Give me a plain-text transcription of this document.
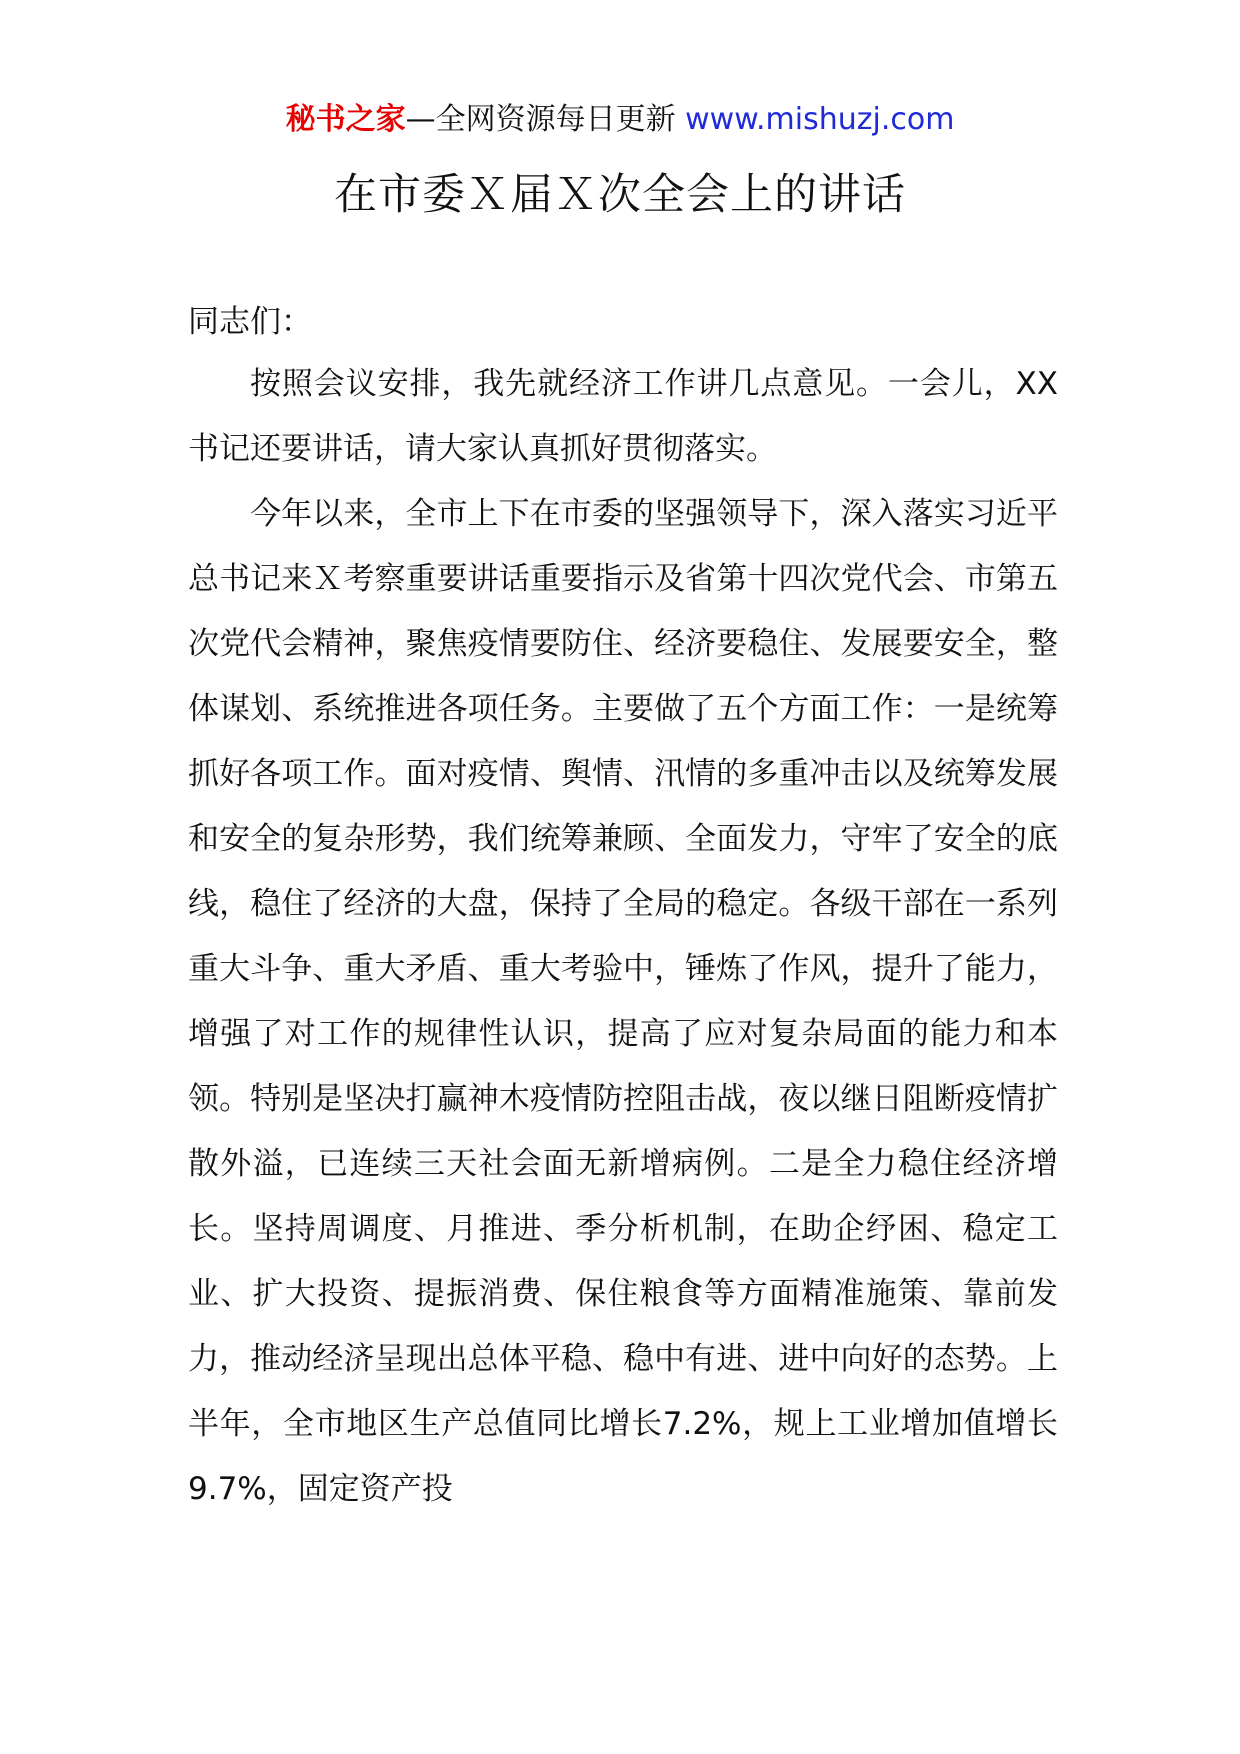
秘书之家—全网资源每日更新 www.mishuzj.com
在市委Ｘ届Ｘ次全会上的讲话

同志们：

按照会议安排，我先就经济工作讲几点意见。一会儿，XX书记还要讲话，请大家认真抓好贯彻落实。

今年以来，全市上下在市委的坚强领导下，深入落实习近平总书记来Ｘ考察重要讲话重要指示及省第十四次党代会、市第五次党代会精神，聚焦疫情要防住、经济要稳住、发展要安全，整体谋划、系统推进各项任务。主要做了五个方面工作：一是统筹抓好各项工作。面对疫情、舆情、汛情的多重冲击以及统筹发展和安全的复杂形势，我们统筹兼顾、全面发力，守牢了安全的底线，稳住了经济的大盘，保持了全局的稳定。各级干部在一系列重大斗争、重大矛盾、重大考验中，锤炼了作风，提升了能力，增强了对工作的规律性认识，提高了应对复杂局面的能力和本领。特别是坚决打赢神木疫情防控阻击战，夜以继日阻断疫情扩散外溢，已连续三天社会面无新增病例。二是全力稳住经济增长。坚持周调度、月推进、季分析机制，在助企纾困、稳定工业、扩大投资、提振消费、保住粮食等方面精准施策、靠前发力，推动经济呈现出总体平稳、稳中有进、进中向好的态势。上半年，全市地区生产总值同比增长7.2%，规上工业增加值增长9.7%，固定资产投
